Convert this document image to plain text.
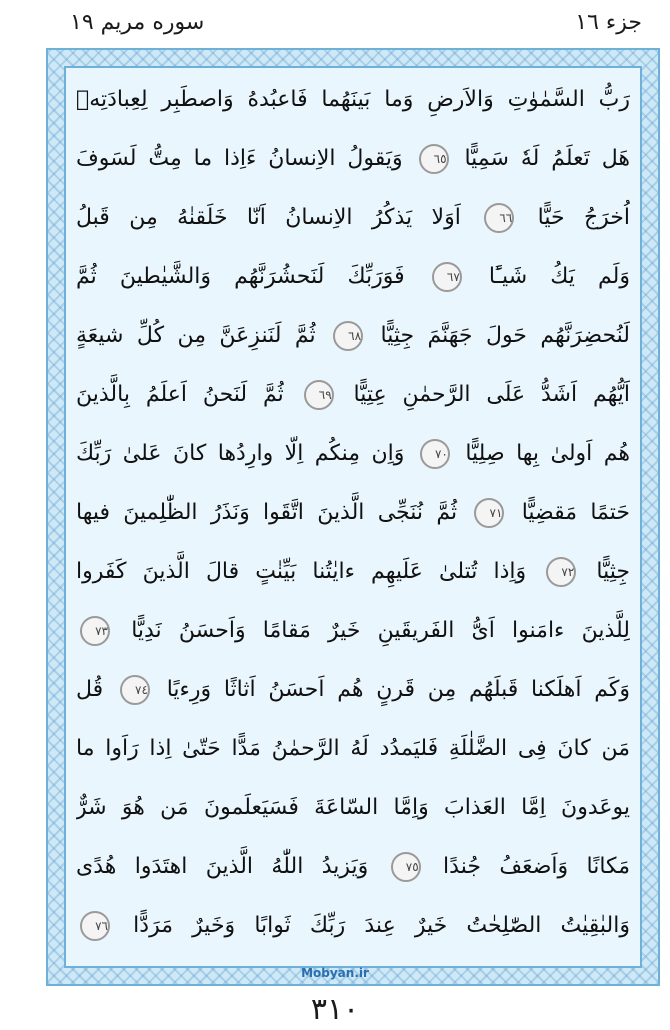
جزء ١٦
سوره مريم ١٩
رَبُّ السَّمٰوٰتِ وَالاَرضِ وَما بَينَهُما فَاعبُدهُ وَاصطَبِر لِعِبادَتِهٖ
هَل تَعلَمُ لَهٗ سَمِيًّا ٦٥ وَيَقولُ الاِنسانُ ءَاِذا ما مِتُّ لَسَوفَ
اُخرَجُ حَيًّا ٦٦ اَوَلا يَذكُرُ الاِنسانُ اَنّا خَلَقنٰهُ مِن قَبلُ
وَلَم يَكُ شَيـًٔا ٦٧ فَوَرَبِّكَ لَنَحشُرَنَّهُم وَالشَّيٰطينَ ثُمَّ
لَنُحضِرَنَّهُم حَولَ جَهَنَّمَ جِثِيًّا ٦٨ ثُمَّ لَنَنزِعَنَّ مِن كُلِّ شيعَةٍ
اَيُّهُم اَشَدُّ عَلَى الرَّحمٰنِ عِتِيًّا ٦٩ ثُمَّ لَنَحنُ اَعلَمُ بِالَّذينَ
هُم اَولىٰ بِها صِلِيًّا ٧٠ وَاِن مِنكُم اِلّا وارِدُها كانَ عَلىٰ رَبِّكَ
حَتمًا مَقضِيًّا ٧١ ثُمَّ نُنَجِّى الَّذينَ اتَّقَوا وَنَذَرُ الظّٰلِمينَ فيها
جِثِيًّا ٧٢ وَاِذا تُتلىٰ عَلَيهِم ءايٰتُنا بَيِّنٰتٍ قالَ الَّذينَ كَفَروا
لِلَّذينَ ءامَنوا اَىُّ الفَريقَينِ خَيرٌ مَقامًا وَاَحسَنُ نَدِيًّا ٧٣
وَكَم اَهلَكنا قَبلَهُم مِن قَرنٍ هُم اَحسَنُ اَثاثًا وَرِءيًا ٧٤ قُل
مَن كانَ فِى الضَّلٰلَةِ فَليَمدُد لَهُ الرَّحمٰنُ مَدًّا حَتّىٰ اِذا رَاَوا ما
يوعَدونَ اِمَّا العَذابَ وَاِمَّا السّاعَةَ فَسَيَعلَمونَ مَن هُوَ شَرٌّ
مَكانًا وَاَضعَفُ جُندًا ٧٥ وَيَزيدُ اللّٰهُ الَّذينَ اهتَدَوا هُدًى
وَالبٰقِيٰتُ الصّٰلِحٰتُ خَيرٌ عِندَ رَبِّكَ ثَوابًا وَخَيرٌ مَرَدًّا ٧٦
Mobyan.ir
٣١٠
